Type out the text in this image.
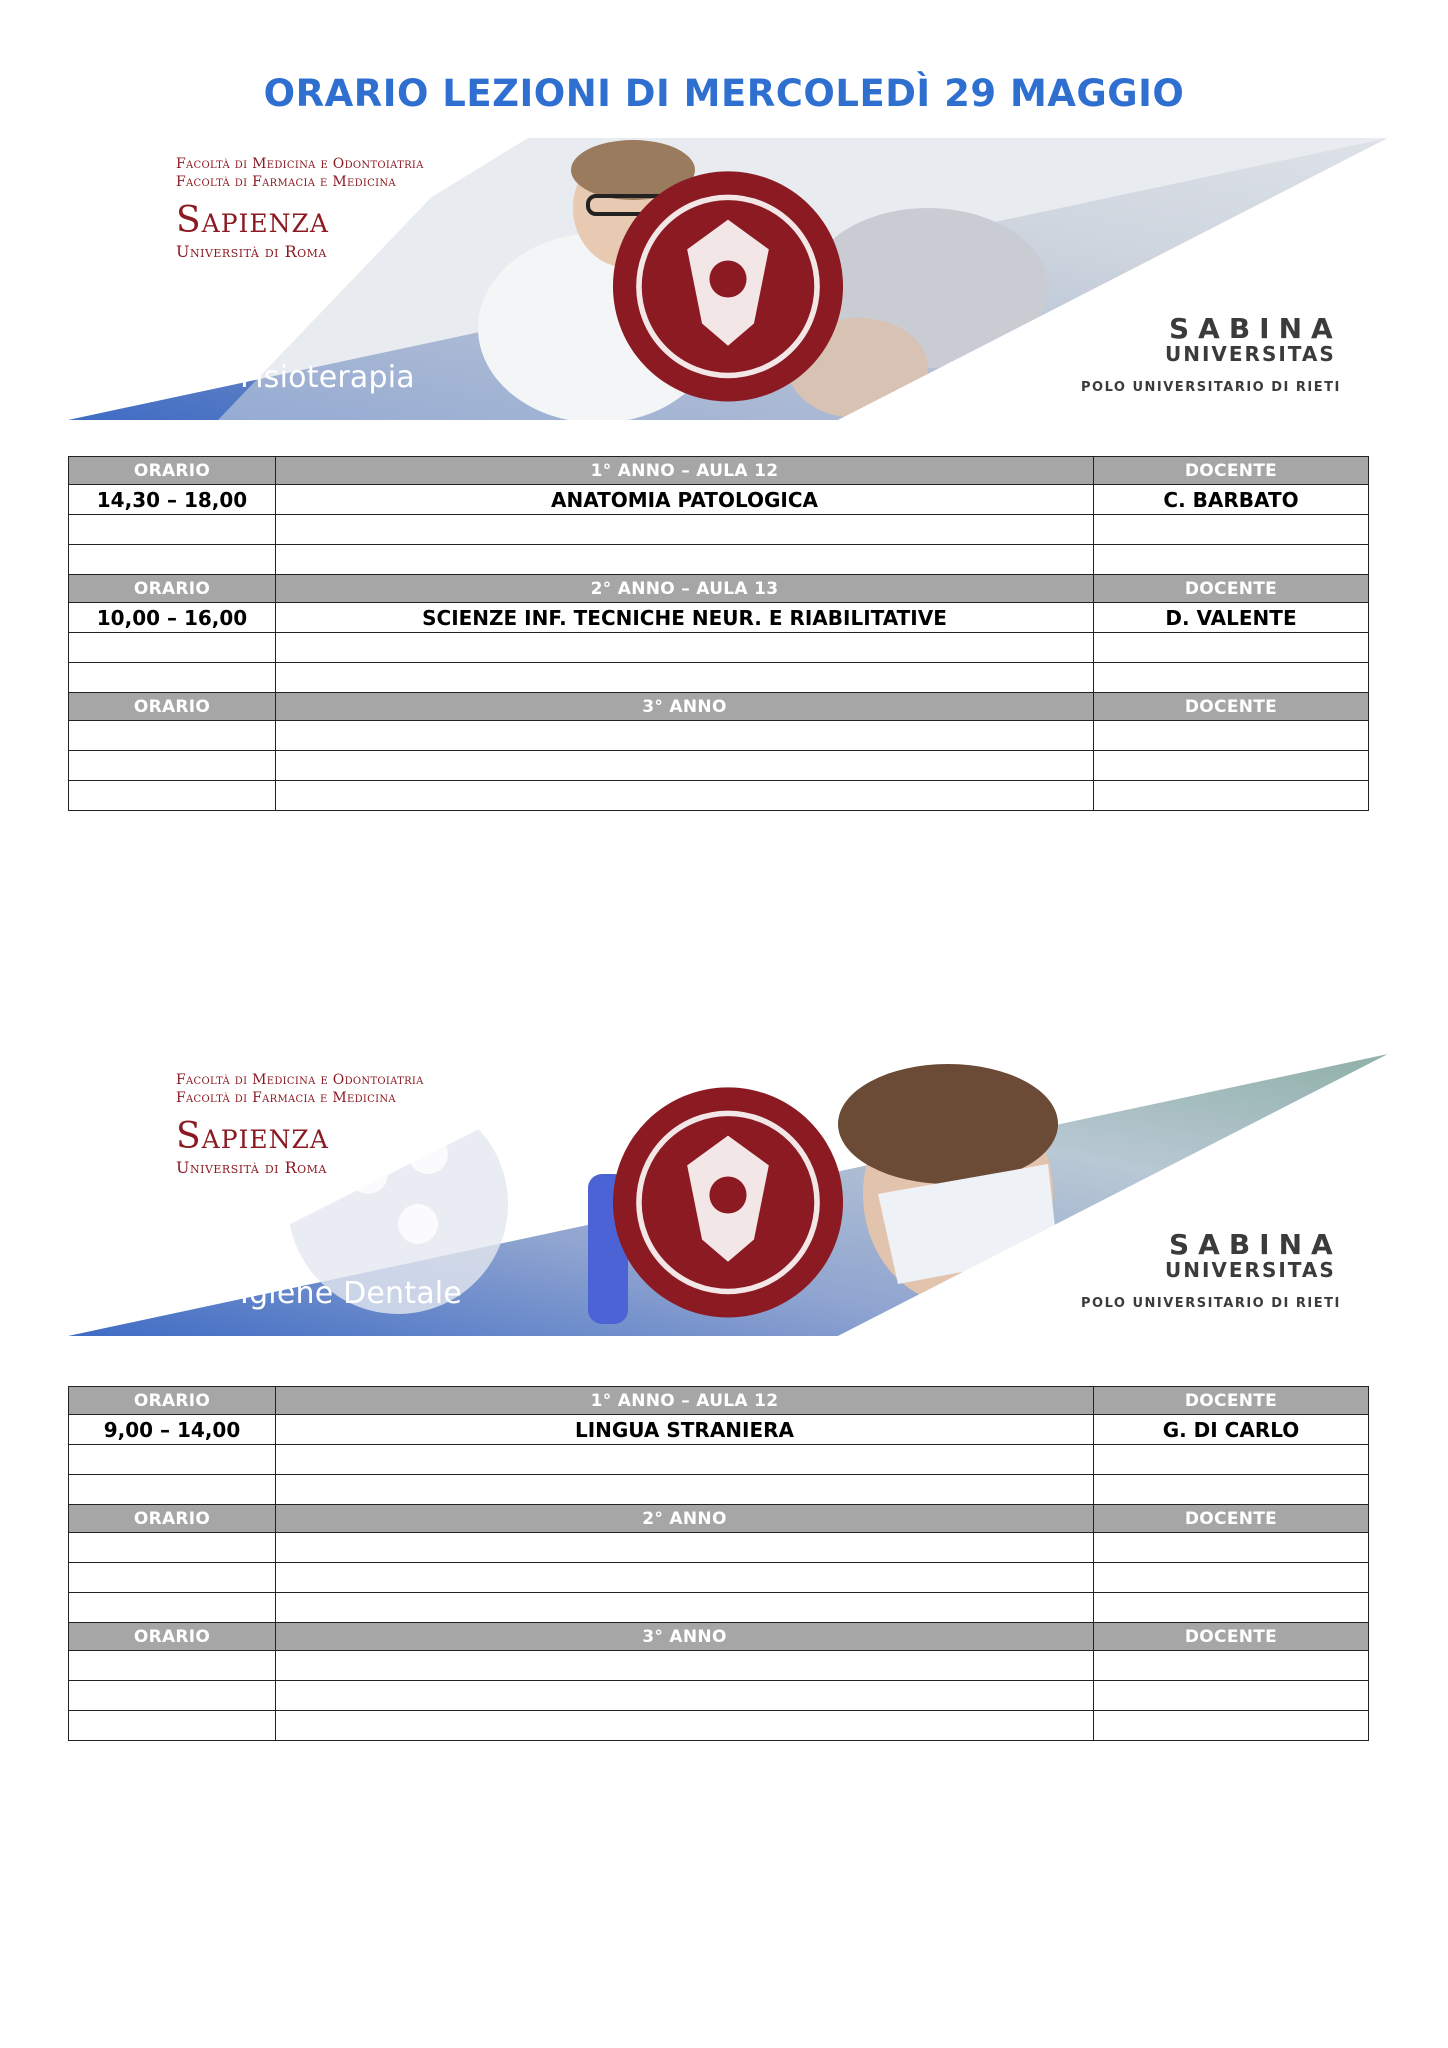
ORARIO LEZIONI DI MERCOLEDÌ 29 MAGGIO
Facoltà di Medicina e Odontoiatria
Facoltà di Farmacia e Medicina
Sapienza
Università di Roma
Fisioterapia
SABINA
UNIVERSITAS
POLO UNIVERSITARIO DI RIETI
ORARIO	1° ANNO – AULA 12	DOCENTE
14,30 – 18,00	ANATOMIA PATOLOGICA	C. BARBATO

ORARIO	2° ANNO – AULA 13	DOCENTE
10,00 – 16,00	SCIENZE INF. TECNICHE NEUR. E RIABILITATIVE	D. VALENTE

ORARIO	3° ANNO	DOCENTE

Facoltà di Medicina e Odontoiatria
Facoltà di Farmacia e Medicina
Sapienza
Università di Roma
Igiene Dentale
SABINA
UNIVERSITAS
POLO UNIVERSITARIO DI RIETI
ORARIO	1° ANNO – AULA 12	DOCENTE
9,00 – 14,00	LINGUA STRANIERA	G. DI CARLO

ORARIO	2° ANNO	DOCENTE

ORARIO	3° ANNO	DOCENTE
